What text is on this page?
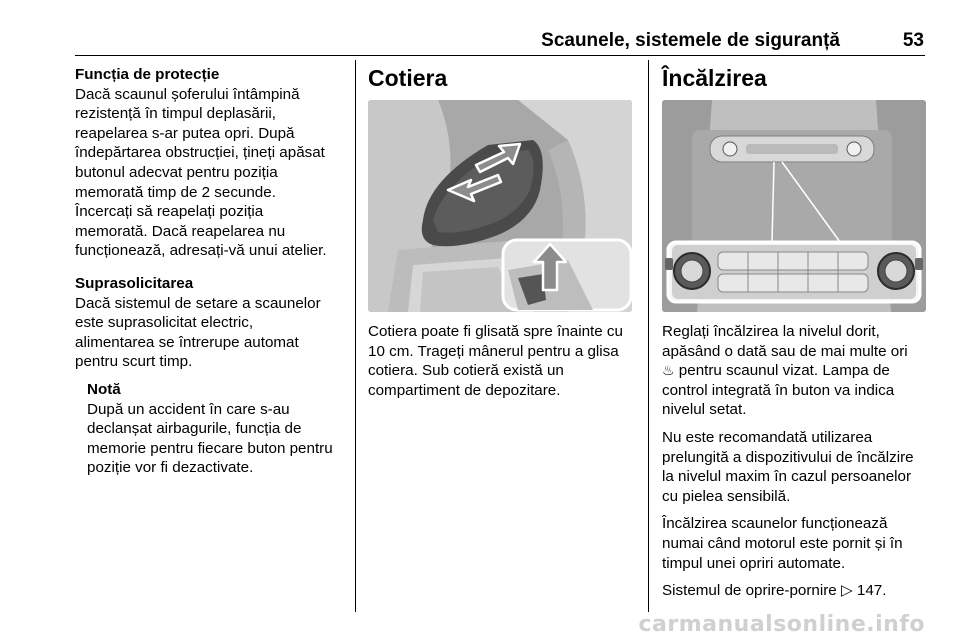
Scaunele, sistemele de siguranță	53

Funcția de protecție

Dacă scaunul șoferului întâmpină

rezistență în timpul deplasării,

reapelarea s-ar putea opri. După

îndepărtarea obstrucției, țineți apăsat

butonul adecvat pentru poziția

memorată timp de 2 secunde.

Încercați să reapelați poziția

memorată. Dacă reapelarea nu

funcționează, adresați-vă unui atelier.

Suprasolicitarea

Dacă sistemul de setare a scaunelor

este suprasolicitat electric,

alimentarea se întrerupe automat

pentru scurt timp.

Notă

După un accident în care s-au

declanșat airbagurile, funcția de

memorie pentru fiecare buton pentru

poziție vor fi dezactivate.

Cotiera

Cotiera poate fi glisată spre înainte cu

10 cm. Trageți mânerul pentru a glisa

cotiera. Sub cotieră există un

compartiment de depozitare.

Încălzirea

Reglați încălzirea la nivelul dorit,

apăsând o dată sau de mai multe ori

♨ pentru scaunul vizat. Lampa de

control integrată în buton va indica

nivelul setat.

Nu este recomandată utilizarea

prelungită a dispozitivului de încălzire

la nivelul maxim în cazul persoanelor

cu pielea sensibilă.

Încălzirea scaunelor funcționează

numai când motorul este pornit și în

timpul unei opriri automate.

Sistemul de oprire-pornire ▷ 147.

carmanualsonline.info
